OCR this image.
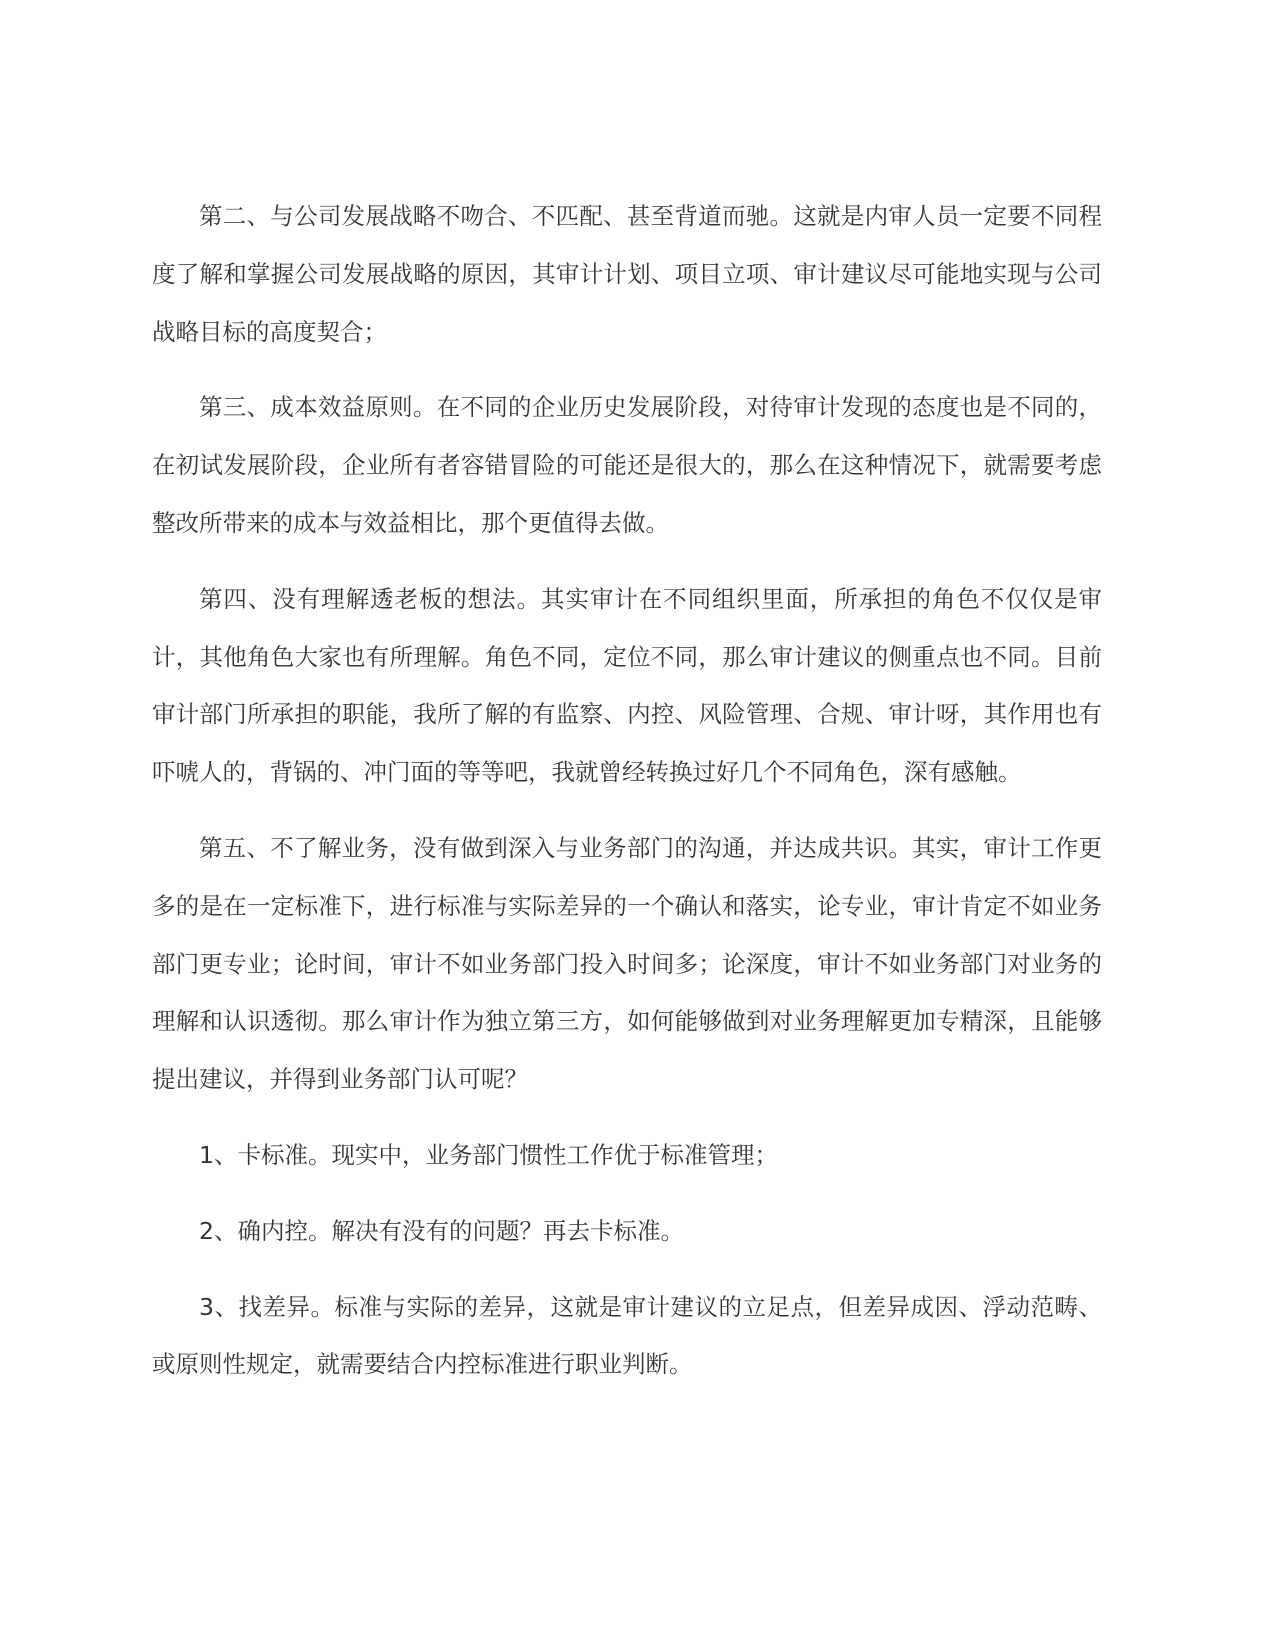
第二、与公司发展战略不吻合、不匹配、甚至背道而驰。这就是内审人员一定要不同程度了解和掌握公司发展战略的原因，其审计计划、项目立项、审计建议尽可能地实现与公司战略目标的高度契合；

第三、成本效益原则。在不同的企业历史发展阶段，对待审计发现的态度也是不同的，在初试发展阶段，企业所有者容错冒险的可能还是很大的，那么在这种情况下，就需要考虑整改所带来的成本与效益相比，那个更值得去做。

第四、没有理解透老板的想法。其实审计在不同组织里面，所承担的角色不仅仅是审计，其他角色大家也有所理解。角色不同，定位不同，那么审计建议的侧重点也不同。目前审计部门所承担的职能，我所了解的有监察、内控、风险管理、合规、审计呀，其作用也有吓唬人的，背锅的、冲门面的等等吧，我就曾经转换过好几个不同角色，深有感触。

第五、不了解业务，没有做到深入与业务部门的沟通，并达成共识。其实，审计工作更多的是在一定标准下，进行标准与实际差异的一个确认和落实，论专业，审计肯定不如业务部门更专业；论时间，审计不如业务部门投入时间多；论深度，审计不如业务部门对业务的理解和认识透彻。那么审计作为独立第三方，如何能够做到对业务理解更加专精深，且能够提出建议，并得到业务部门认可呢？

1、卡标准。现实中，业务部门惯性工作优于标准管理；

2、确内控。解决有没有的问题？再去卡标准。

3、找差异。标准与实际的差异，这就是审计建议的立足点，但差异成因、浮动范畴、或原则性规定，就需要结合内控标准进行职业判断。
